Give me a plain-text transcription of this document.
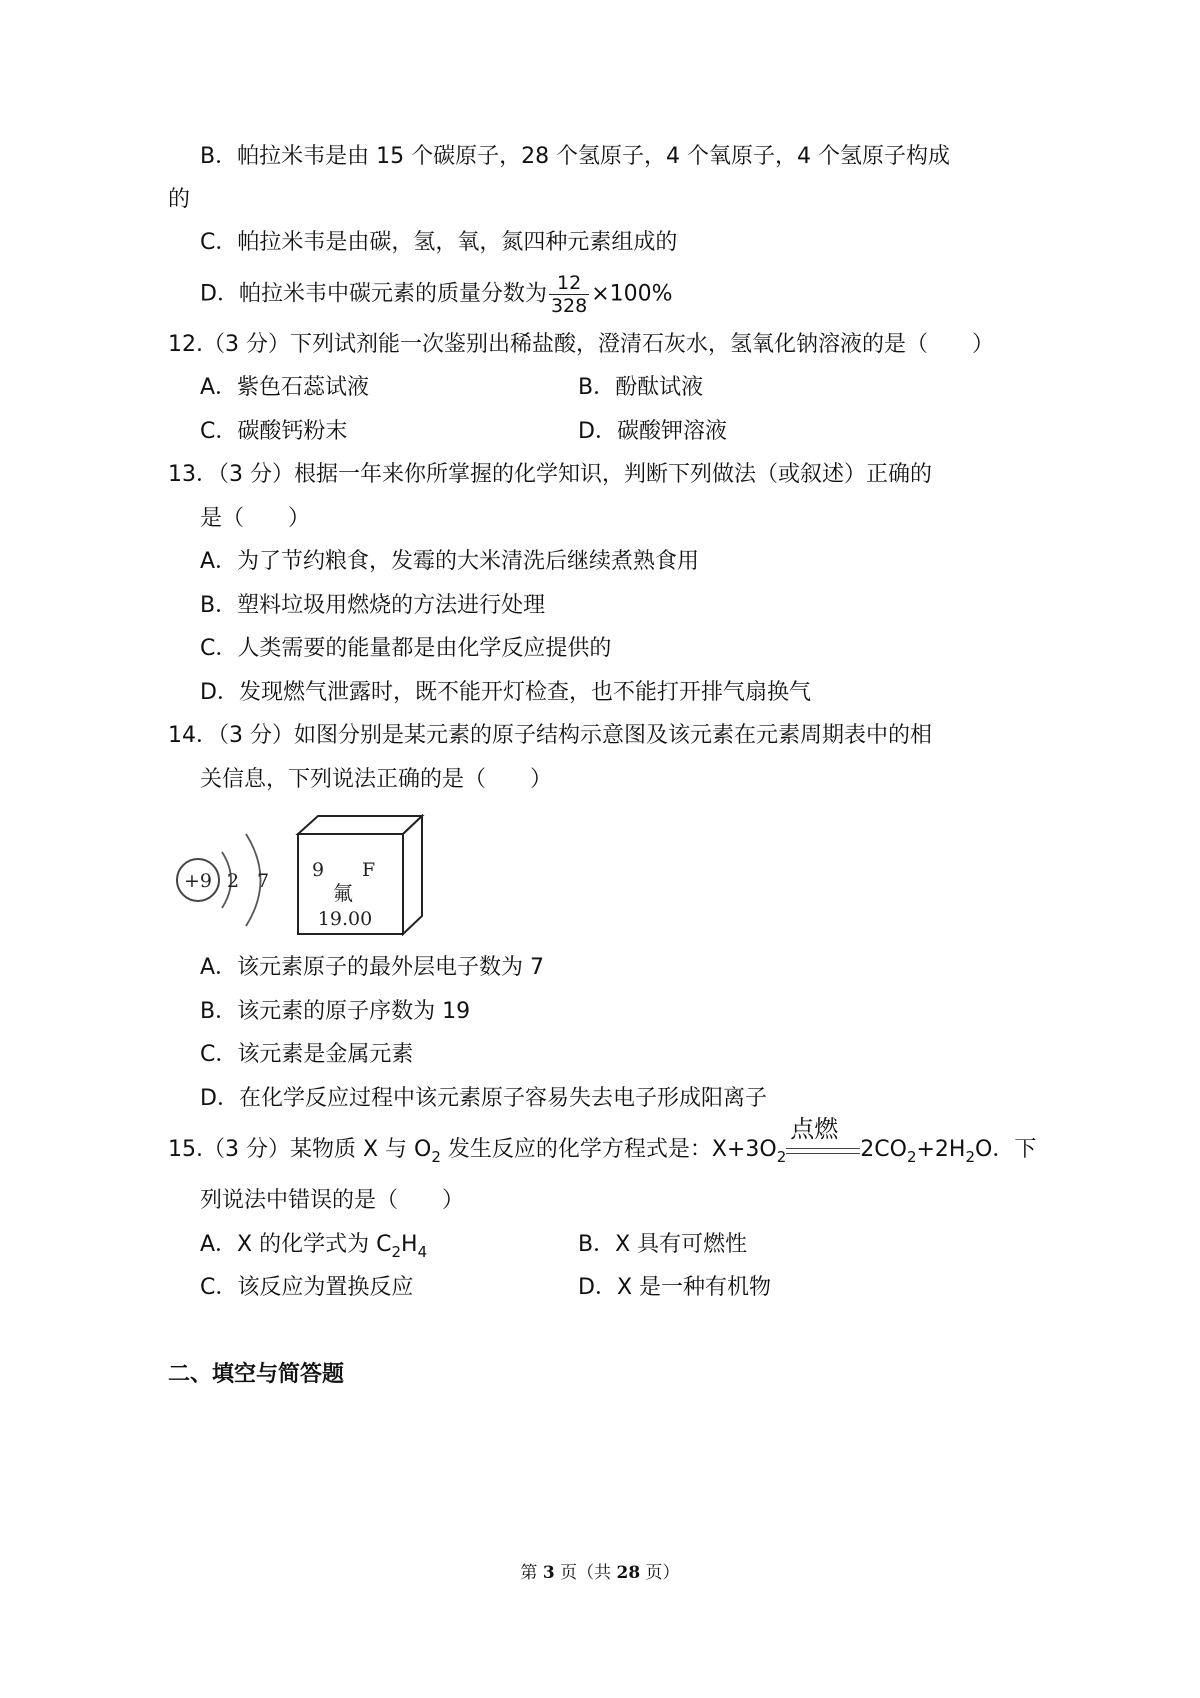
B．帕拉米韦是由 15 个碳原子，28 个氢原子，4 个氧原子，4 个氢原子构成
的
C．帕拉米韦是由碳，氢，氧，氮四种元素组成的
D．帕拉米韦中碳元素的质量分数为 $\frac{12}{328} \times 100\%$
12.（3 分）下列试剂能一次鉴别出稀盐酸，澄清石灰水，氢氧化钠溶液的是（　　）
A．紫色石蕊试液	B．酚酞试液
C．碳酸钙粉末	D．碳酸钾溶液
13．（3 分）根据一年来你所掌握的化学知识，判断下列做法（或叙述）正确的
是（　　）
A．为了节约粮食，发霉的大米清洗后继续煮熟食用
B．塑料垃圾用燃烧的方法进行处理
C．人类需要的能量都是由化学反应提供的
D．发现燃气泄露时，既不能开灯检查，也不能打开排气扇换气
14．（3 分）如图分别是某元素的原子结构示意图及该元素在元素周期表中的相
关信息，下列说法正确的是（　　）
+9 2 7 9 F
氟
19.00
A．该元素原子的最外层电子数为 7
B．该元素的原子序数为 19
C．该元素是金属元素
D．在化学反应过程中该元素原子容易失去电子形成阳离子
15.（3 分）某物质 X 与 $O_2$ 发生反应的化学方程式是：$X+3O_2$
点燃
$2CO_2+2H_2O$．下
列说法中错误的是（　　）
A．X 的化学式为 $C_2H_4$	B．X 具有可燃性
C．该反应为置换反应	D．X 是一种有机物
二、填空与简答题
第 3 页（共 28 页）
